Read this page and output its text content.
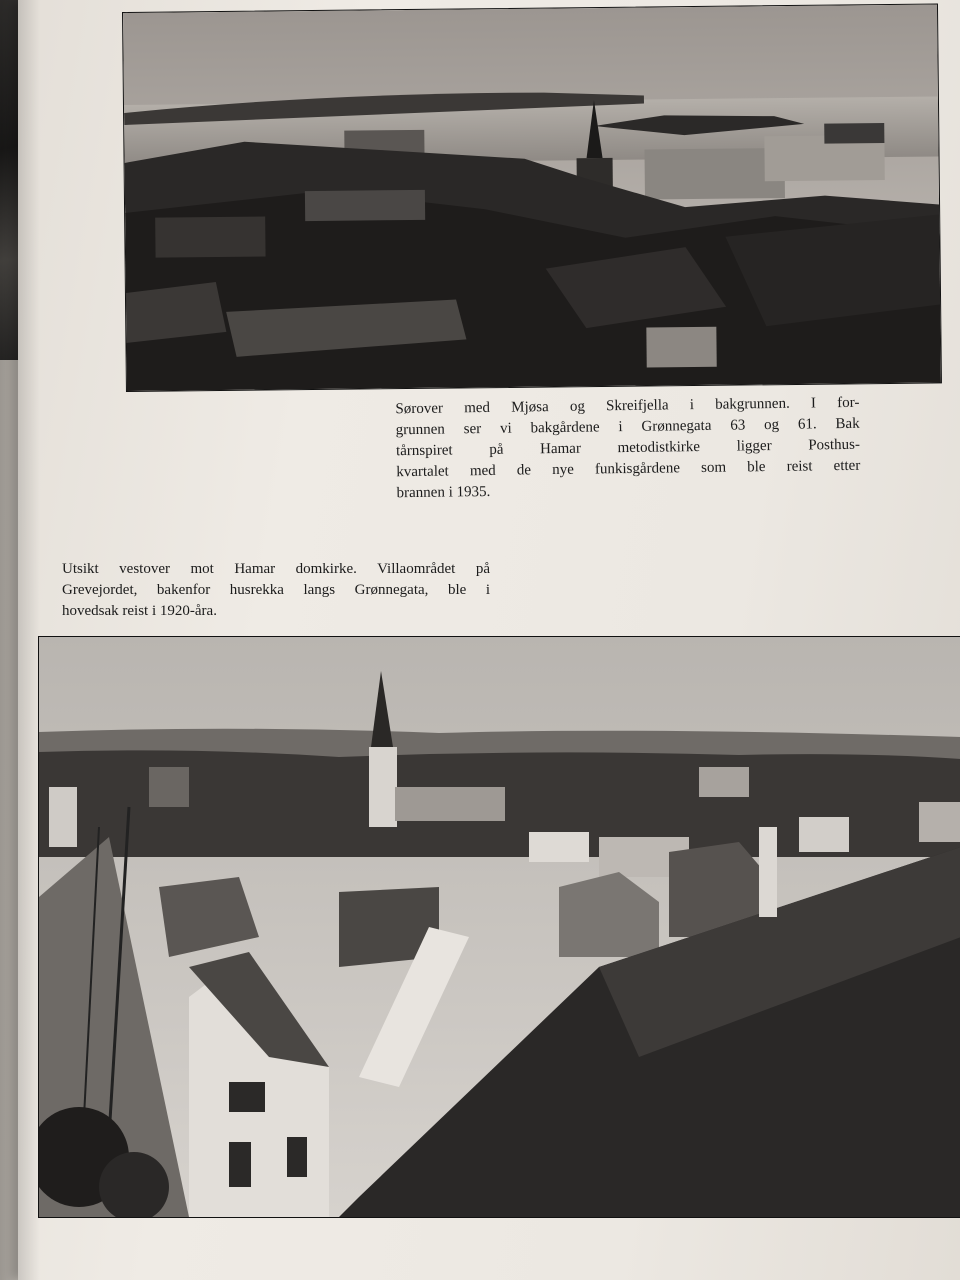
Sørover med Mjøsa og Skreifjella i bakgrunnen. I for-
grunnen ser vi bakgårdene i Grønnegata 63 og 61. Bak
tårnspiret på Hamar metodistkirke ligger Posthus-
kvartalet med de nye funkisgårdene som ble reist etter
brannen i 1935.
Utsikt vestover mot Hamar domkirke. Villaområdet på
Grevejordet, bakenfor husrekka langs Grønnegata, ble i
hovedsak reist i 1920-åra.
